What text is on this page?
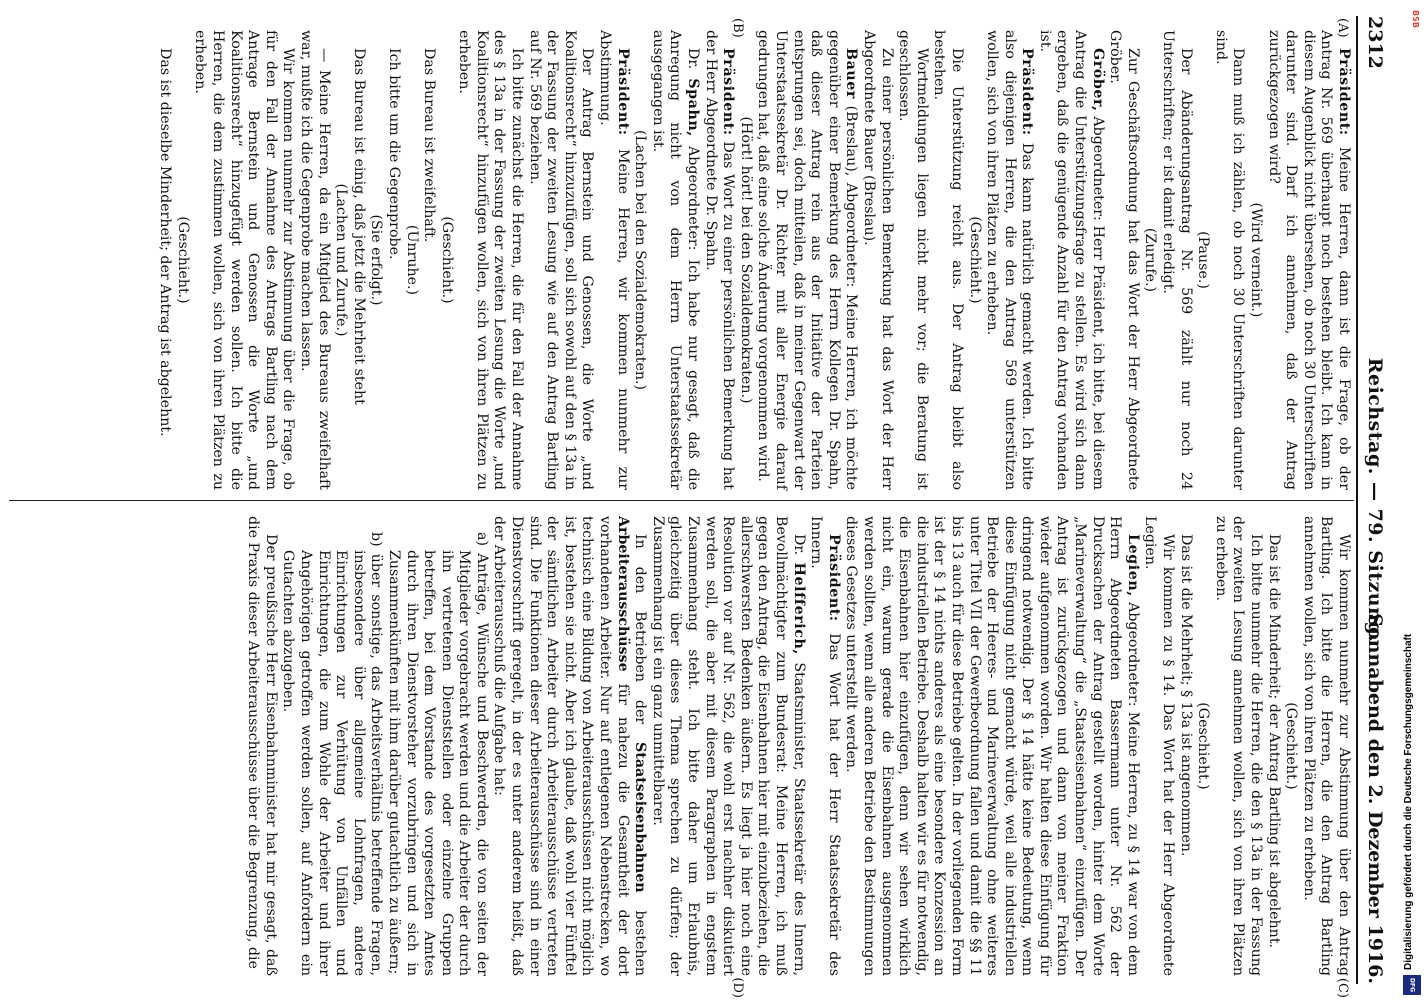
BSB
Digitalisierung gefördert durch die Deutsche Forschungsgemeinschaft
DFG
2312
Reichstag. — 79. Sitzung.
Sonnabend den 2. Dezember 1916.
(A)
(B)
(C)
(D)

Präsident: Meine Herren, dann ist die Frage, ob der Antrag Nr. 569 überhaupt noch bestehen bleibt. Ich kann in diesem Augenblick nicht übersehen, ob noch 30 Unterschriften darunter sind. Darf ich annehmen, daß der Antrag zurückgezogen wird?

(Wird verneint.)

Dann muß ich zählen, ob noch 30 Unterschriften darunter sind.

(Pause.)

Der Abänderungsantrag Nr. 569 zählt nur noch 24 Unterschriften; er ist damit erledigt.

(Zurufe.)

Zur Geschäftsordnung hat das Wort der Herr Abgeordnete Gröber.

Gröber, Abgeordneter: Herr Präsident, ich bitte, bei diesem Antrag die Unterstützungsfrage zu stellen. Es wird sich dann ergeben, daß die genügende Anzahl für den Antrag vorhanden ist.

Präsident: Das kann natürlich gemacht werden. Ich bitte also diejenigen Herren, die den Antrag 569 unterstützen wollen, sich von ihren Plätzen zu erheben.

(Geschieht.)

Die Unterstützung reicht aus. Der Antrag bleibt also bestehen.

Wortmeldungen liegen nicht mehr vor; die Beratung ist geschlossen.

Zu einer persönlichen Bemerkung hat das Wort der Herr Abgeordnete Bauer (Breslau).

Bauer (Breslau), Abgeordneter: Meine Herren, ich möchte gegenüber einer Bemerkung des Herrn Kollegen Dr. Spahn, daß dieser Antrag rein aus der Initiative der Parteien entsprungen sei, doch mitteilen, daß in meiner Gegenwart der Unterstaatssekretär Dr. Richter mit aller Energie darauf gedrungen hat, daß eine solche Änderung vorgenommen wird.

(Hört! hört! bei den Sozialdemokraten.)

Präsident: Das Wort zu einer persönlichen Bemerkung hat der Herr Abgeordnete Dr. Spahn.

Dr. Spahn, Abgeordneter: Ich habe nur gesagt, daß die Anregung nicht von dem Herrn Unterstaatssekretär ausgegangen ist.

(Lachen bei den Sozialdemokraten.)

Präsident: Meine Herren, wir kommen nunmehr zur Abstimmung.

Der Antrag Bernstein und Genossen, die Worte „und Koalitionsrecht“ hinzuzufügen, soll sich sowohl auf den § 13a in der Fassung der zweiten Lesung wie auf den Antrag Bartling auf Nr. 569 beziehen.

Ich bitte zunächst die Herren, die für den Fall der Annahme des § 13a in der Fassung der zweiten Lesung die Worte „und Koalitionsrecht“ hinzufügen wollen, sich von ihren Plätzen zu erheben.

(Geschieht.)

Das Bureau ist zweifelhaft.

(Unruhe.)

Ich bitte um die Gegenprobe.

(Sie erfolgt.)

Das Bureau ist einig, daß jetzt die Mehrheit steht

(Lachen und Zurufe.)

— Meine Herren, da ein Mitglied des Bureaus zweifelhaft war, mußte ich die Gegenprobe machen lassen.

Wir kommen nunmehr zur Abstimmung über die Frage, ob für den Fall der Annahme des Antrags Bartling nach dem Antrage Bernstein und Genossen die Worte „und Koalitionsrecht“ hinzugefügt werden sollen. Ich bitte die Herren, die dem zustimmen wollen, sich von ihren Plätzen zu erheben.

(Geschieht.)

Das ist dieselbe Minderheit; der Antrag ist abgelehnt.

Wir kommen nunmehr zur Abstimmung über den Antrag Bartling. Ich bitte die Herren, die den Antrag Bartling annehmen wollen, sich von ihren Plätzen zu erheben.

(Geschieht.)

Das ist die Minderheit; der Antrag Bartling ist abgelehnt.

Ich bitte nunmehr die Herren, die den § 13a in der Fassung der zweiten Lesung annehmen wollen, sich von ihren Plätzen zu erheben.

(Geschieht.)

Das ist die Mehrheit; § 13a ist angenommen.

Wir kommen zu § 14. Das Wort hat der Herr Abgeordnete Legien.

Legien, Abgeordneter: Meine Herren, zu § 14 war von dem Herrn Abgeordneten Bassermann unter Nr. 562 der Drucksachen der Antrag gestellt worden, hinter dem Worte „Marineverwaltung“ die „Staatseisenbahnen“ einzufügen. Der Antrag ist zurückgezogen und dann von meiner Fraktion wieder aufgenommen worden. Wir halten diese Einfügung für dringend notwendig. Der § 14 hätte keine Bedeutung, wenn diese Einfügung nicht gemacht würde, weil alle industriellen Betriebe der Heeres- und Marineverwaltung ohne weiteres unter Titel VII der Gewerbeordnung fallen und damit die §§ 11 bis 13 auch für diese Betriebe gelten. In der vorliegenden Form ist der § 14 nichts anderes als eine besondere Konzession an die industriellen Betriebe. Deshalb halten wir es für notwendig, die Eisenbahnen hier einzufügen, denn wir sehen wirklich nicht ein, warum gerade die Eisenbahnen ausgenommen werden sollten, wenn alle anderen Betriebe den Bestimmungen dieses Gesetzes unterstellt werden.

Präsident: Das Wort hat der Herr Staatssekretär des Innern.

Dr. Helfferich, Staatsminister, Staatssekretär des Innern, Bevollmächtigter zum Bundesrat: Meine Herren, ich muß gegen den Antrag, die Eisenbahnen hier mit einzubeziehen, die allerschwersten Bedenken äußern. Es liegt ja hier noch eine Resolution vor auf Nr. 562, die wohl erst nachher diskutiert werden soll, die aber mit diesem Paragraphen in engstem Zusammenhang steht. Ich bitte daher um Erlaubnis, gleichzeitig über dieses Thema sprechen zu dürfen; der Zusammenhang ist ein ganz unmittelbarer.

In den Betrieben der Staatseisenbahnen bestehen Arbeiterausschüsse für nahezu die Gesamtheit der dort vorhandenen Arbeiter. Nur auf entlegenen Nebenstrecken, wo technisch eine Bildung von Arbeiterausschüssen nicht möglich ist, bestehen sie nicht. Aber ich glaube, daß wohl vier Fünftel der sämtlichen Arbeiter durch Arbeiterausschüsse vertreten sind. Die Funktionen dieser Arbeiterausschüsse sind in einer Dienstvorschrift geregelt, in der es unter anderem heißt, daß der Arbeiterausschuß die Aufgabe hat:

a) Anträge, Wünsche und Beschwerden, die von seiten der Mitglieder vorgebracht werden und die Arbeiter der durch ihn vertretenen Dienststellen oder einzelne Gruppen betreffen, bei dem Vorstande des vorgesetzten Amtes durch ihren Dienstvorsteher vorzubringen und sich in Zusammenkünften mit ihm darüber gutachtlich zu äußern;

b) über sonstige, das Arbeitsverhältnis betreffende Fragen, insbesondere über allgemeine Lohnfragen, andere Einrichtungen zur Verhütung von Unfällen und Einrichtungen, die zum Wohle der Arbeiter und ihrer Angehörigen getroffen werden sollen, auf Anfordern ein Gutachten abzugeben.

Der preußische Herr Eisenbahnminister hat mir gesagt, daß die Praxis dieser Arbeiterausschüsse über die Begrenzung, die
